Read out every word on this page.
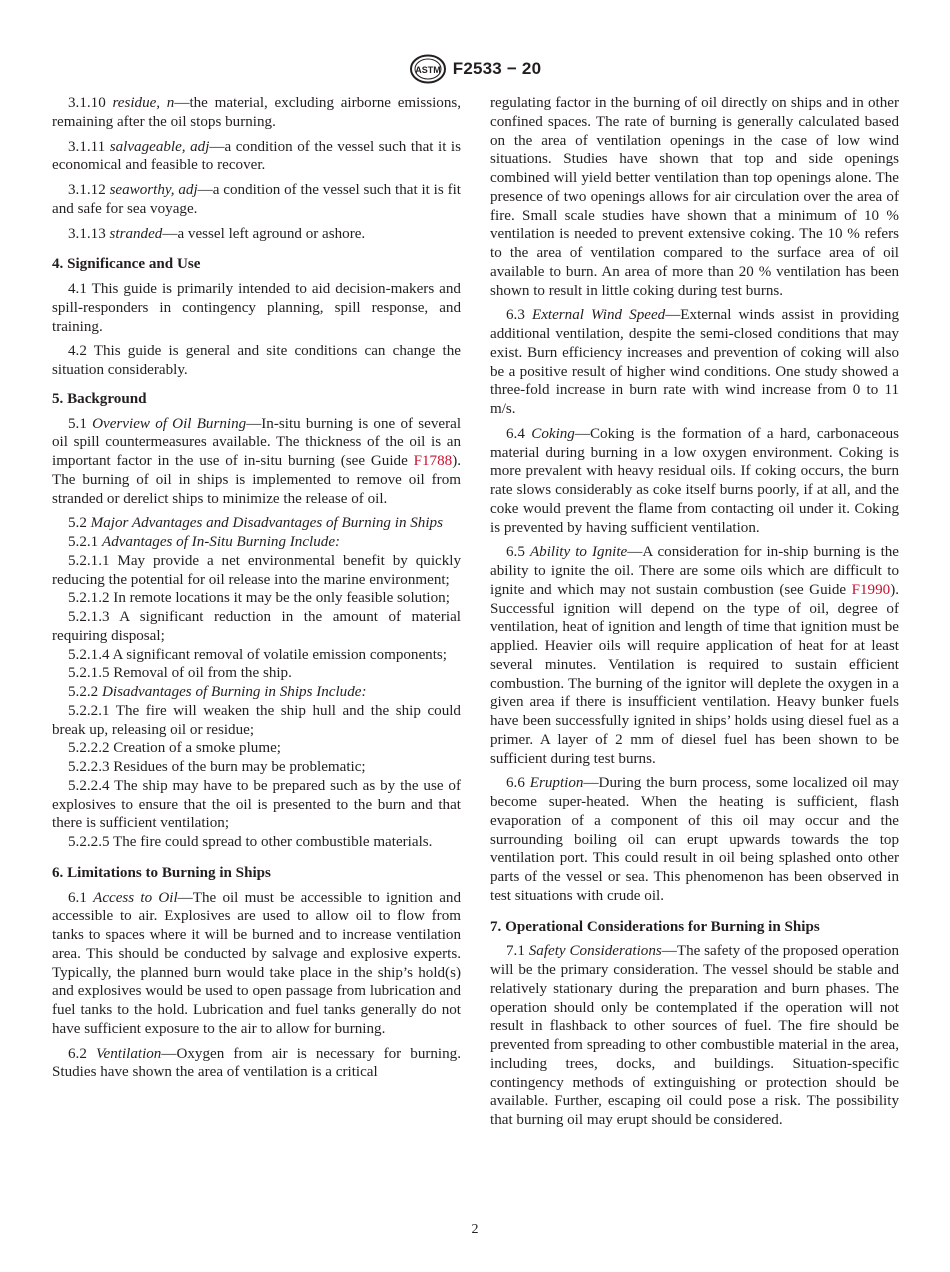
ASTM F2533 − 20

3.1.10 residue, n—the material, excluding airborne emissions, remaining after the oil stops burning.

3.1.11 salvageable, adj—a condition of the vessel such that it is economical and feasible to recover.

3.1.12 seaworthy, adj—a condition of the vessel such that it is fit and safe for sea voyage.

3.1.13 stranded—a vessel left aground or ashore.

4. Significance and Use

4.1 This guide is primarily intended to aid decision-makers and spill-responders in contingency planning, spill response, and training.

4.2 This guide is general and site conditions can change the situation considerably.

5. Background

5.1 Overview of Oil Burning—In-situ burning is one of several oil spill countermeasures available. The thickness of the oil is an important factor in the use of in-situ burning (see Guide F1788). The burning of oil in ships is implemented to remove oil from stranded or derelict ships to minimize the release of oil.

5.2 Major Advantages and Disadvantages of Burning in Ships

5.2.1 Advantages of In-Situ Burning Include:

5.2.1.1 May provide a net environmental benefit by quickly reducing the potential for oil release into the marine environment;

5.2.1.2 In remote locations it may be the only feasible solution;

5.2.1.3 A significant reduction in the amount of material requiring disposal;

5.2.1.4 A significant removal of volatile emission components;

5.2.1.5 Removal of oil from the ship.

5.2.2 Disadvantages of Burning in Ships Include:

5.2.2.1 The fire will weaken the ship hull and the ship could break up, releasing oil or residue;

5.2.2.2 Creation of a smoke plume;

5.2.2.3 Residues of the burn may be problematic;

5.2.2.4 The ship may have to be prepared such as by the use of explosives to ensure that the oil is presented to the burn and that there is sufficient ventilation;

5.2.2.5 The fire could spread to other combustible materials.

6. Limitations to Burning in Ships

6.1 Access to Oil—The oil must be accessible to ignition and accessible to air. Explosives are used to allow oil to flow from tanks to spaces where it will be burned and to increase ventilation area. This should be conducted by salvage and explosive experts. Typically, the planned burn would take place in the ship’s hold(s) and explosives would be used to open passage from lubrication and fuel tanks to the hold. Lubrication and fuel tanks generally do not have sufficient exposure to the air to allow for burning.

6.2 Ventilation—Oxygen from air is necessary for burning. Studies have shown the area of ventilation is a critical

regulating factor in the burning of oil directly on ships and in other confined spaces. The rate of burning is generally calculated based on the area of ventilation openings in the case of low wind situations. Studies have shown that top and side openings combined will yield better ventilation than top openings alone. The presence of two openings allows for air circulation over the area of fire. Small scale studies have shown that a minimum of 10 % ventilation is needed to prevent extensive coking. The 10 % refers to the area of ventilation compared to the surface area of oil available to burn. An area of more than 20 % ventilation has been shown to result in little coking during test burns.

6.3 External Wind Speed—External winds assist in providing additional ventilation, despite the semi-closed conditions that may exist. Burn efficiency increases and prevention of coking will also be a positive result of higher wind conditions. One study showed a three-fold increase in burn rate with wind increase from 0 to 11 m/s.

6.4 Coking—Coking is the formation of a hard, carbonaceous material during burning in a low oxygen environment. Coking is more prevalent with heavy residual oils. If coking occurs, the burn rate slows considerably as coke itself burns poorly, if at all, and the coke would prevent the flame from contacting oil under it. Coking is prevented by having sufficient ventilation.

6.5 Ability to Ignite—A consideration for in-ship burning is the ability to ignite the oil. There are some oils which are difficult to ignite and which may not sustain combustion (see Guide F1990). Successful ignition will depend on the type of oil, degree of ventilation, heat of ignition and length of time that ignition must be applied. Heavier oils will require application of heat for at least several minutes. Ventilation is required to sustain efficient combustion. The burning of the ignitor will deplete the oxygen in a given area if there is insufficient ventilation. Heavy bunker fuels have been successfully ignited in ships’ holds using diesel fuel as a primer. A layer of 2 mm of diesel fuel has been shown to be sufficient during test burns.

6.6 Eruption—During the burn process, some localized oil may become super-heated. When the heating is sufficient, flash evaporation of a component of this oil may occur and the surrounding boiling oil can erupt upwards towards the top ventilation port. This could result in oil being splashed onto other parts of the vessel or sea. This phenomenon has been observed in test situations with crude oil.

7. Operational Considerations for Burning in Ships

7.1 Safety Considerations—The safety of the proposed operation will be the primary consideration. The vessel should be stable and relatively stationary during the preparation and burn phases. The operation should only be contemplated if the operation will not result in flashback to other sources of fuel. The fire should be prevented from spreading to other combustible material in the area, including trees, docks, and buildings. Situation-specific contingency methods of extinguishing or protection should be available. Further, escaping oil could pose a risk. The possibility that burning oil may erupt should be considered.

2
